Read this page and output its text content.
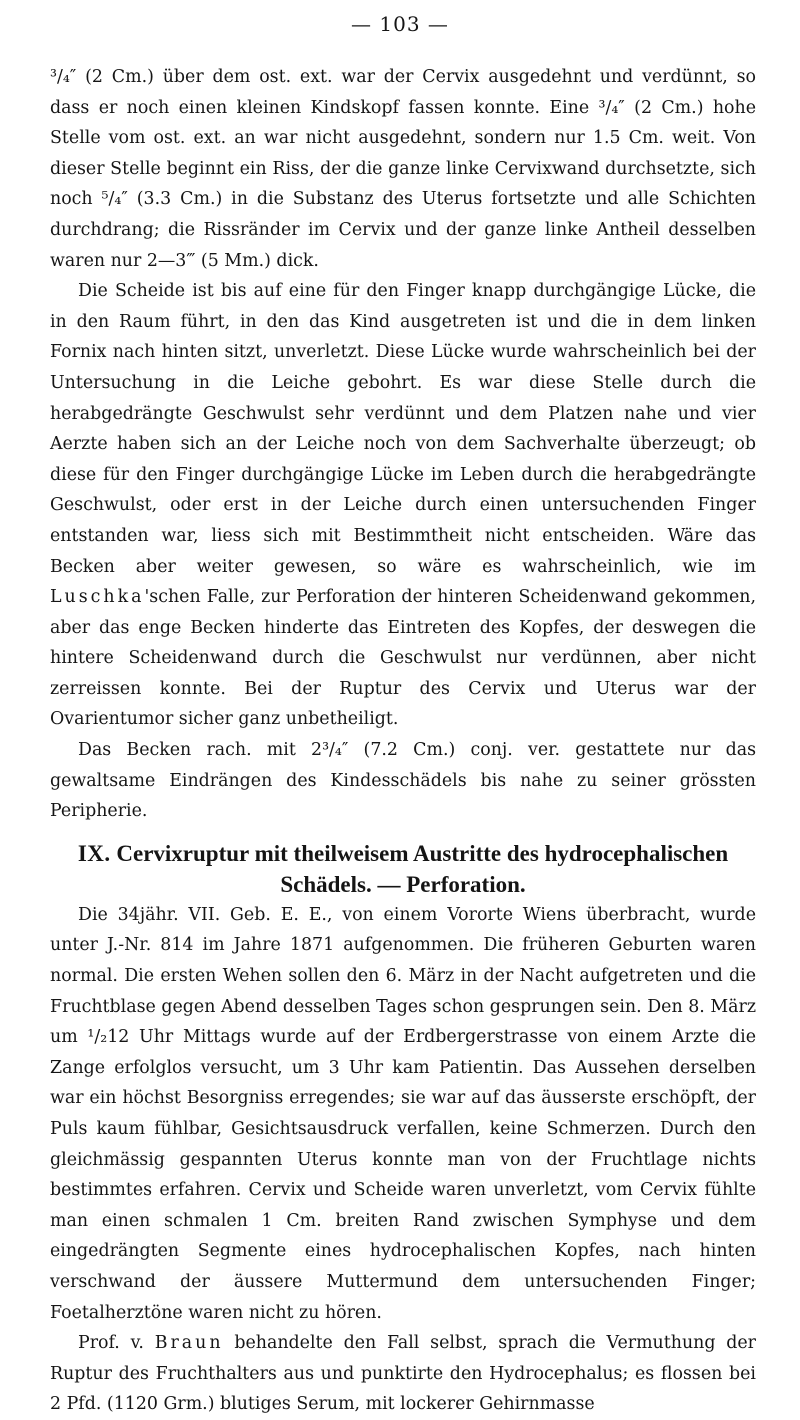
— 103 —

³/₄″ (2 Cm.) über dem ost. ext. war der Cervix ausgedehnt und verdünnt, so dass er noch einen kleinen Kindskopf fassen konnte. Eine ³/₄″ (2 Cm.) hohe Stelle vom ost. ext. an war nicht ausgedehnt, sondern nur 1.5 Cm. weit. Von dieser Stelle beginnt ein Riss, der die ganze linke Cervixwand durchsetzte, sich noch ⁵/₄″ (3.3 Cm.) in die Substanz des Uterus fortsetzte und alle Schichten durchdrang; die Rissränder im Cervix und der ganze linke Antheil desselben waren nur 2—3‴ (5 Mm.) dick.

Die Scheide ist bis auf eine für den Finger knapp durchgängige Lücke, die in den Raum führt, in den das Kind ausgetreten ist und die in dem linken Fornix nach hinten sitzt, unverletzt. Diese Lücke wurde wahrscheinlich bei der Untersuchung in die Leiche gebohrt. Es war diese Stelle durch die herabgedrängte Geschwulst sehr verdünnt und dem Platzen nahe und vier Aerzte haben sich an der Leiche noch von dem Sachverhalte überzeugt; ob diese für den Finger durchgängige Lücke im Leben durch die herabgedrängte Geschwulst, oder erst in der Leiche durch einen untersuchenden Finger entstanden war, liess sich mit Bestimmtheit nicht entscheiden. Wäre das Becken aber weiter gewesen, so wäre es wahrscheinlich, wie im Luschka'schen Falle, zur Perforation der hinteren Scheidenwand gekommen, aber das enge Becken hinderte das Eintreten des Kopfes, der deswegen die hintere Scheidenwand durch die Geschwulst nur verdünnen, aber nicht zerreissen konnte. Bei der Ruptur des Cervix und Uterus war der Ovarientumor sicher ganz unbetheiligt.

Das Becken rach. mit 2³/₄″ (7.2 Cm.) conj. ver. gestattete nur das gewaltsame Eindrängen des Kindesschädels bis nahe zu seiner grössten Peripherie.

IX. Cervixruptur mit theilweisem Austritte des hydrocephalischen
Schädels. — Perforation.

Die 34jähr. VII. Geb. E. E., von einem Vororte Wiens überbracht, wurde unter J.-Nr. 814 im Jahre 1871 aufgenommen. Die früheren Geburten waren normal. Die ersten Wehen sollen den 6. März in der Nacht aufgetreten und die Fruchtblase gegen Abend desselben Tages schon gesprungen sein. Den 8. März um ¹/₂12 Uhr Mittags wurde auf der Erdbergerstrasse von einem Arzte die Zange erfolglos versucht, um 3 Uhr kam Patientin. Das Aussehen derselben war ein höchst Besorgniss erregendes; sie war auf das äusserste erschöpft, der Puls kaum fühlbar, Gesichtsausdruck verfallen, keine Schmerzen. Durch den gleichmässig gespannten Uterus konnte man von der Fruchtlage nichts bestimmtes erfahren. Cervix und Scheide waren unverletzt, vom Cervix fühlte man einen schmalen 1 Cm. breiten Rand zwischen Symphyse und dem eingedrängten Segmente eines hydrocephalischen Kopfes, nach hinten verschwand der äussere Muttermund dem untersuchenden Finger; Foetalherztöne waren nicht zu hören.

Prof. v. Braun behandelte den Fall selbst, sprach die Vermuthung der Ruptur des Fruchthalters aus und punktirte den Hydrocephalus; es flossen bei 2 Pfd. (1120 Grm.) blutiges Serum, mit lockerer Gehirnmasse
